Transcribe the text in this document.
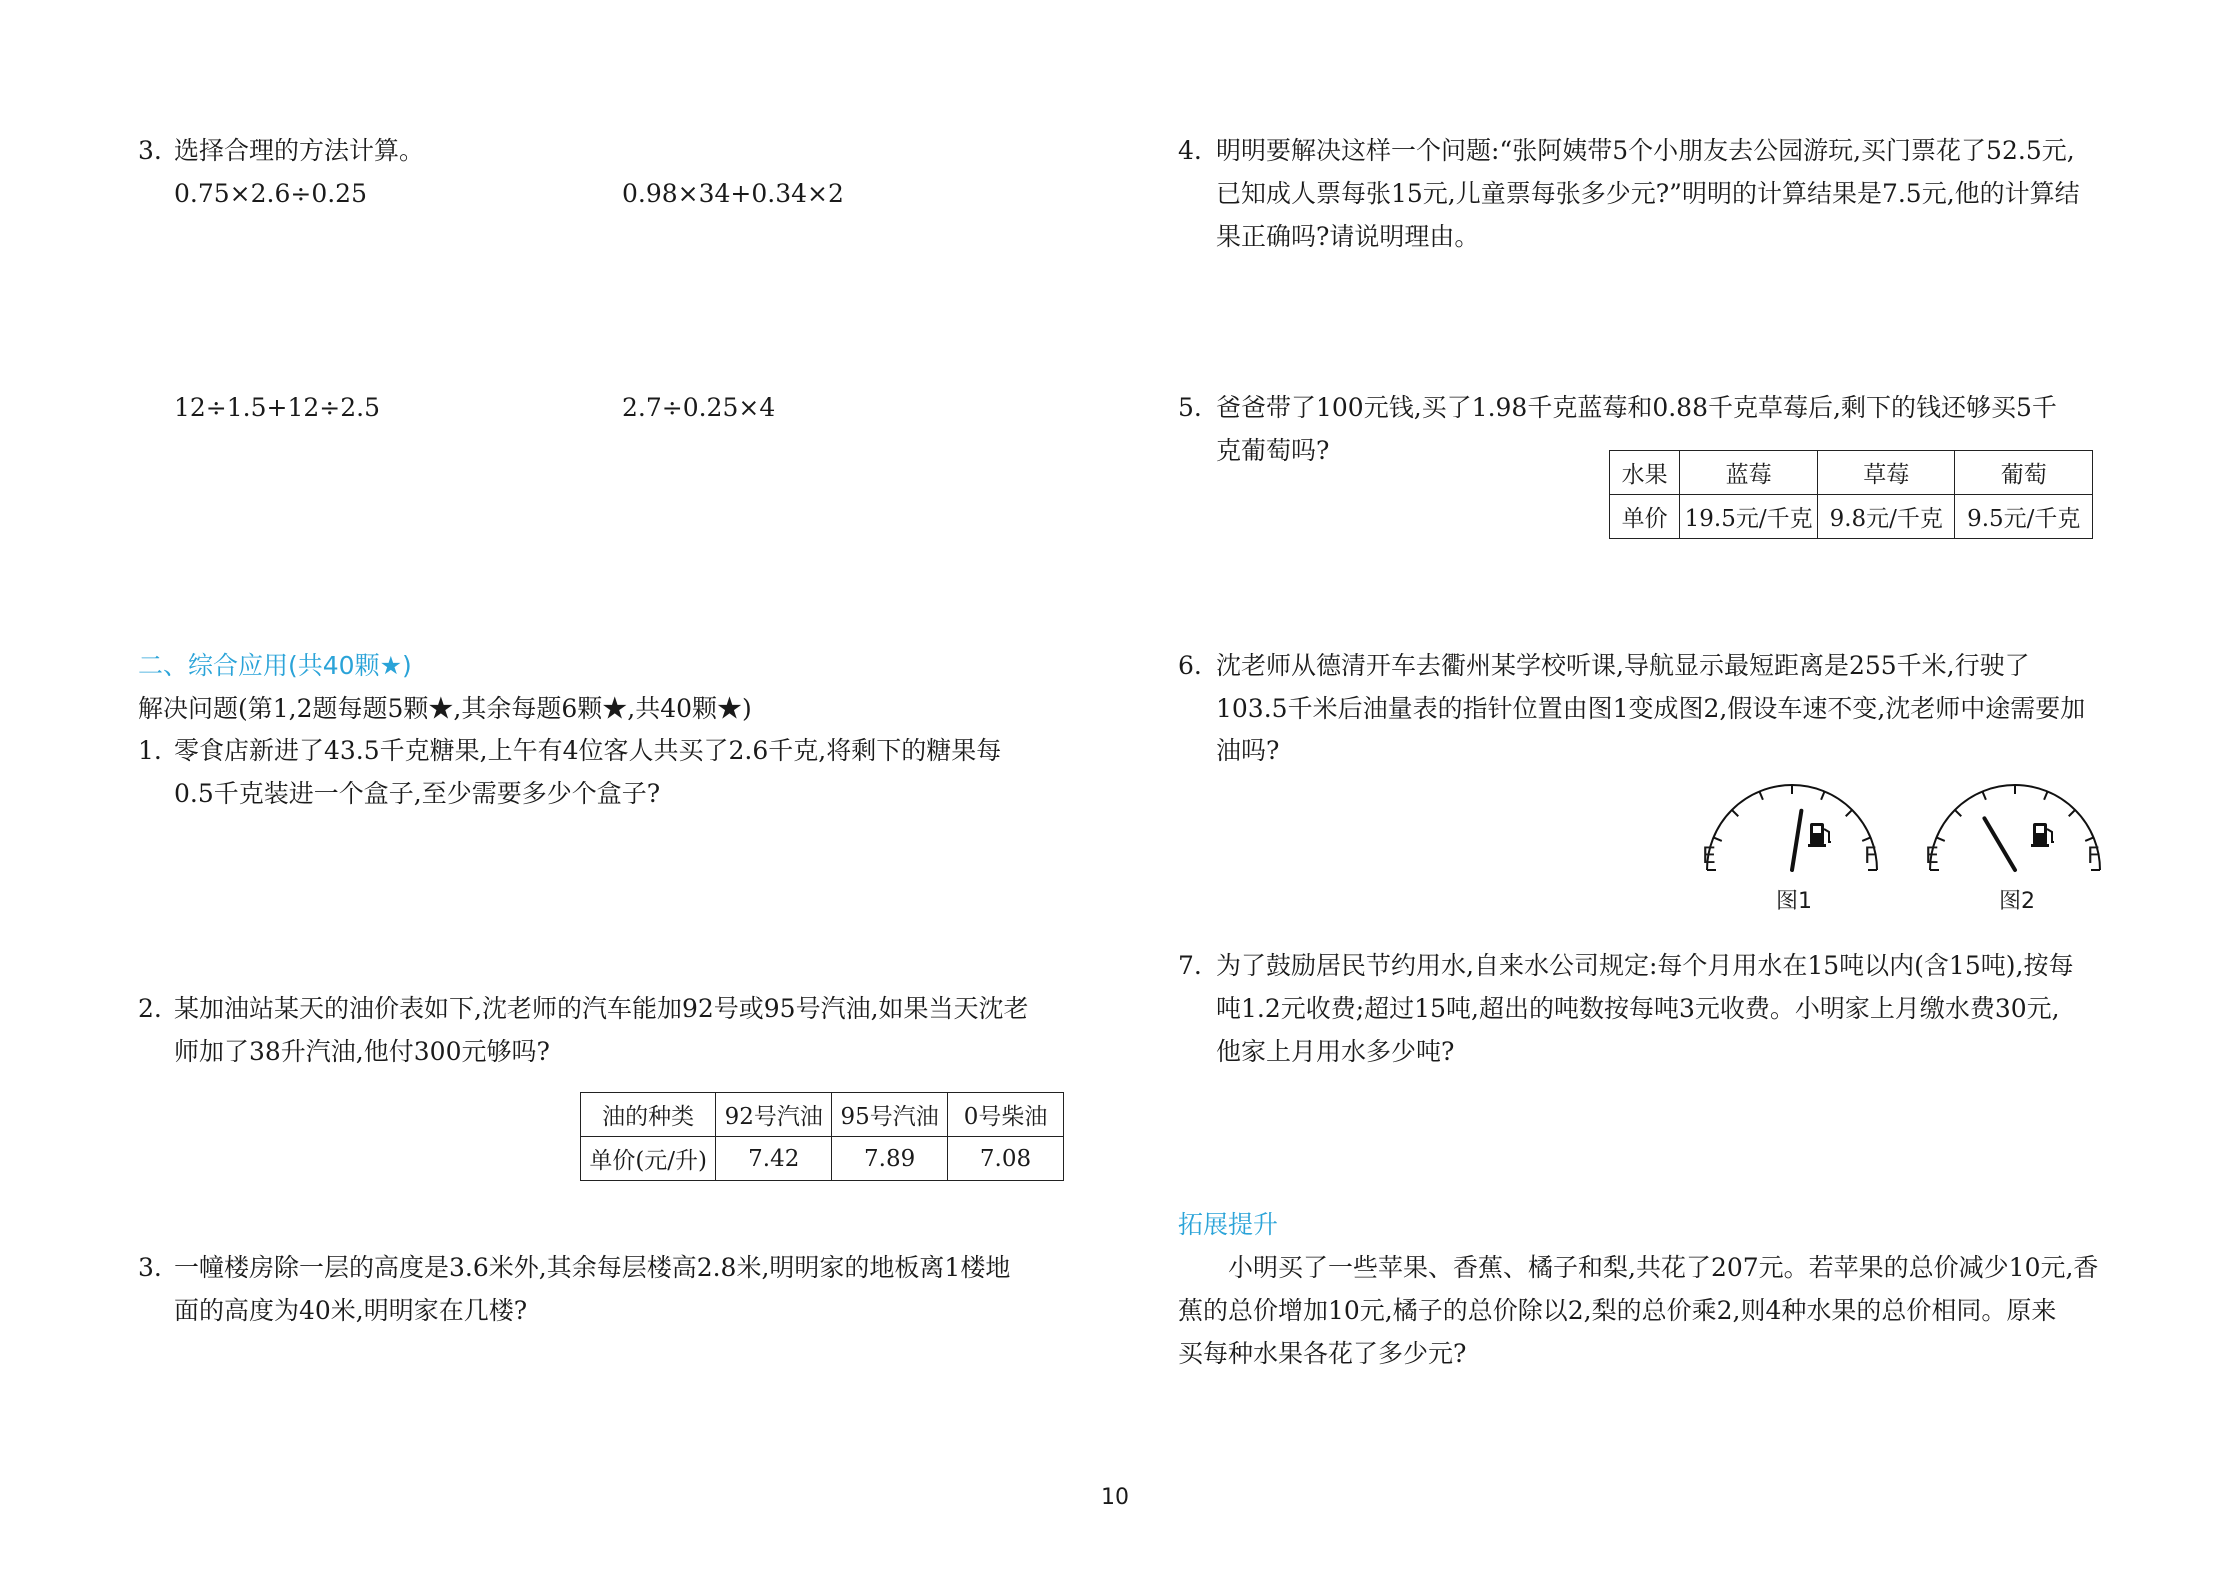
3. 选择合理的方法计算。
0.75×2.6÷0.25	0.98×34+0.34×2
12÷1.5+12÷2.5	2.7÷0.25×4
二、综合应用(共40颗★)
解决问题(第1,2题每题5颗★,其余每题6颗★,共40颗★)
1. 零食店新进了43.5千克糖果,上午有4位客人共买了2.6千克,将剩下的糖果每
0.5千克装进一个盒子,至少需要多少个盒子?
2. 某加油站某天的油价表如下,沈老师的汽车能加92号或95号汽油,如果当天沈老
师加了38升汽油,他付300元够吗?
油的种类	92号汽油	95号汽油	0号柴油
单价(元/升)	7.42	7.89	7.08
3. 一幢楼房除一层的高度是3.6米外,其余每层楼高2.8米,明明家的地板离1楼地
面的高度为40米,明明家在几楼?
4. 明明要解决这样一个问题:“张阿姨带5个小朋友去公园游玩,买门票花了52.5元,
已知成人票每张15元,儿童票每张多少元?”明明的计算结果是7.5元,他的计算结
果正确吗?请说明理由。
5. 爸爸带了100元钱,买了1.98千克蓝莓和0.88千克草莓后,剩下的钱还够买5千
克葡萄吗?
水果	蓝莓	草莓	葡萄
单价	19.5元/千克	9.8元/千克	9.5元/千克
6. 沈老师从德清开车去衢州某学校听课,导航显示最短距离是255千米,行驶了
103.5千米后油量表的指针位置由图1变成图2,假设车速不变,沈老师中途需要加
油吗?
E	F
图1
E	F
图2
7. 为了鼓励居民节约用水,自来水公司规定:每个月用水在15吨以内(含15吨),按每
吨1.2元收费;超过15吨,超出的吨数按每吨3元收费。小明家上月缴水费30元,
他家上月用水多少吨?
拓展提升
小明买了一些苹果、香蕉、橘子和梨,共花了207元。若苹果的总价减少10元,香
蕉的总价增加10元,橘子的总价除以2,梨的总价乘2,则4种水果的总价相同。原来
买每种水果各花了多少元?
10
